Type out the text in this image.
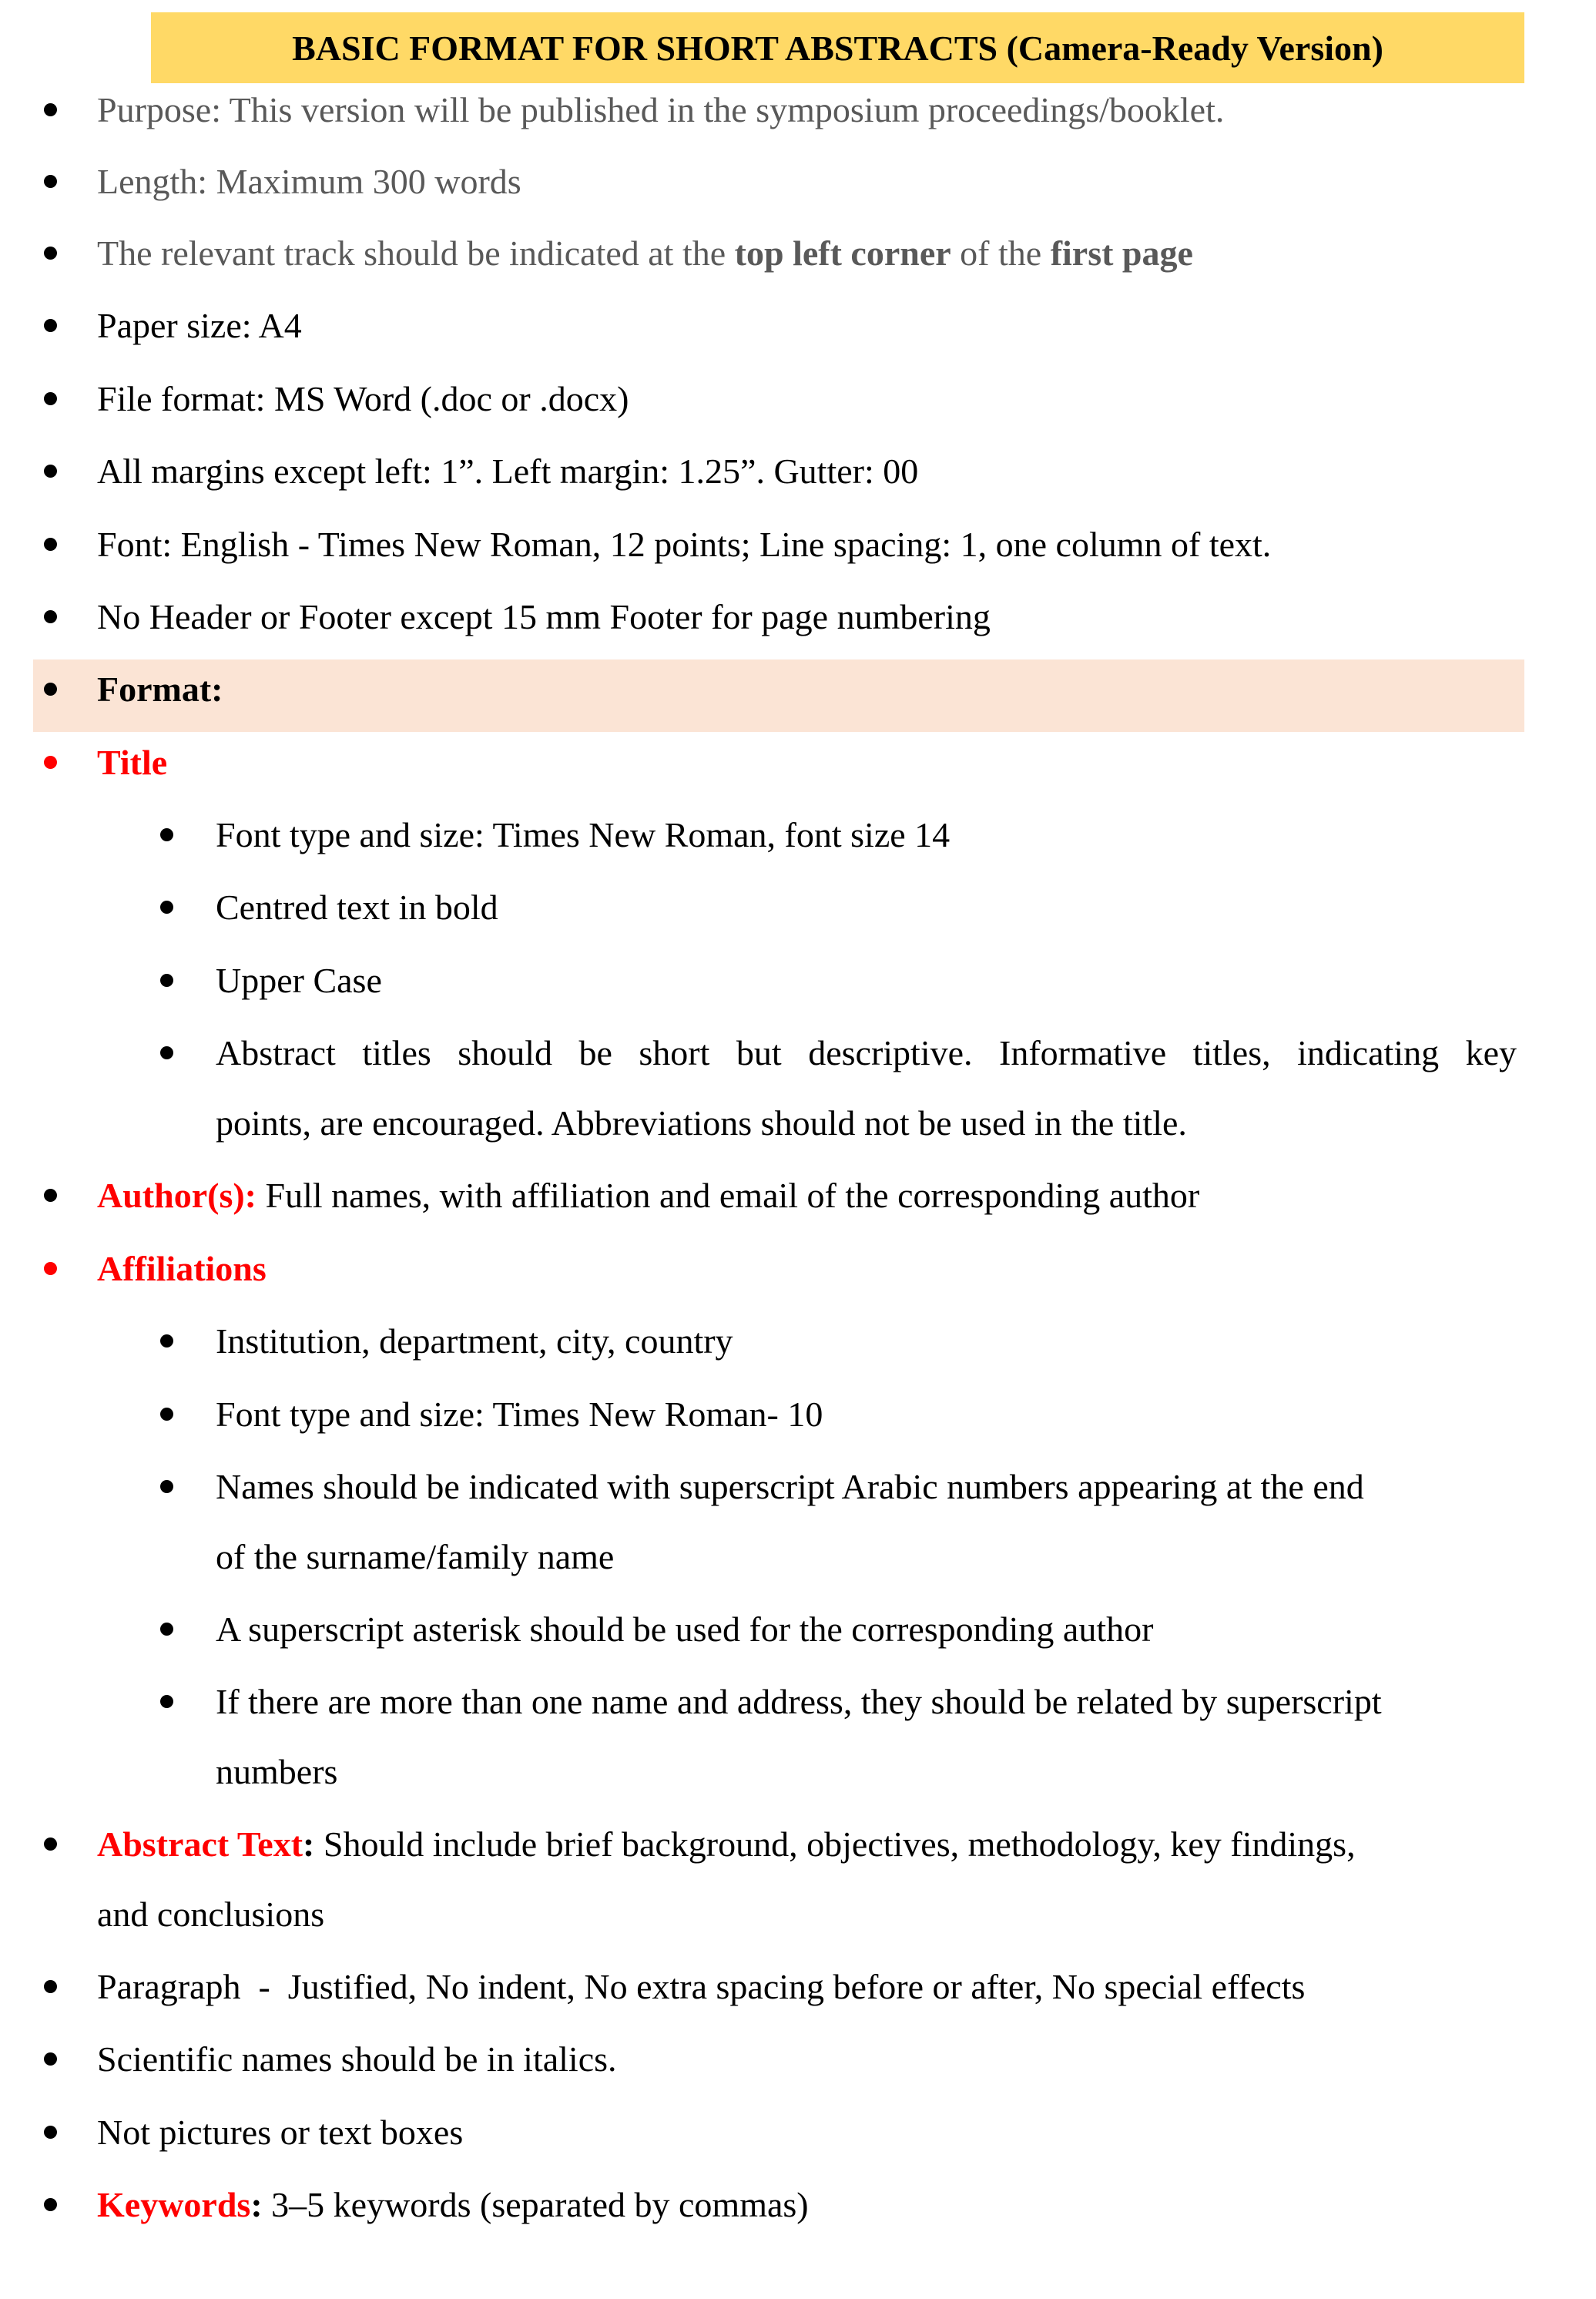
BASIC FORMAT FOR SHORT ABSTRACTS (Camera-Ready Version)
Purpose: This version will be published in the symposium proceedings/booklet.
Length: Maximum 300 words
The relevant track should be indicated at the top left corner of the first page
Paper size: A4
File format: MS Word (.doc or .docx)
All margins except left: 1”. Left margin: 1.25”. Gutter: 00
Font: English - Times New Roman, 12 points; Line spacing: 1, one column of text.
No Header or Footer except 15 mm Footer for page numbering
Format:
Title
Font type and size: Times New Roman, font size 14
Centred text in bold
Upper Case
Abstract titles should be short but descriptive. Informative titles, indicating key
points, are encouraged. Abbreviations should not be used in the title.
Author(s): Full names, with affiliation and email of the corresponding author
Affiliations
Institution, department, city, country
Font type and size: Times New Roman- 10
Names should be indicated with superscript Arabic numbers appearing at the end
of the surname/family name
A superscript asterisk should be used for the corresponding author
If there are more than one name and address, they should be related by superscript
numbers
Abstract Text: Should include brief background, objectives, methodology, key findings,
and conclusions
Paragraph  -  Justified, No indent, No extra spacing before or after, No special effects
Scientific names should be in italics.
Not pictures or text boxes
Keywords: 3–5 keywords (separated by commas)
